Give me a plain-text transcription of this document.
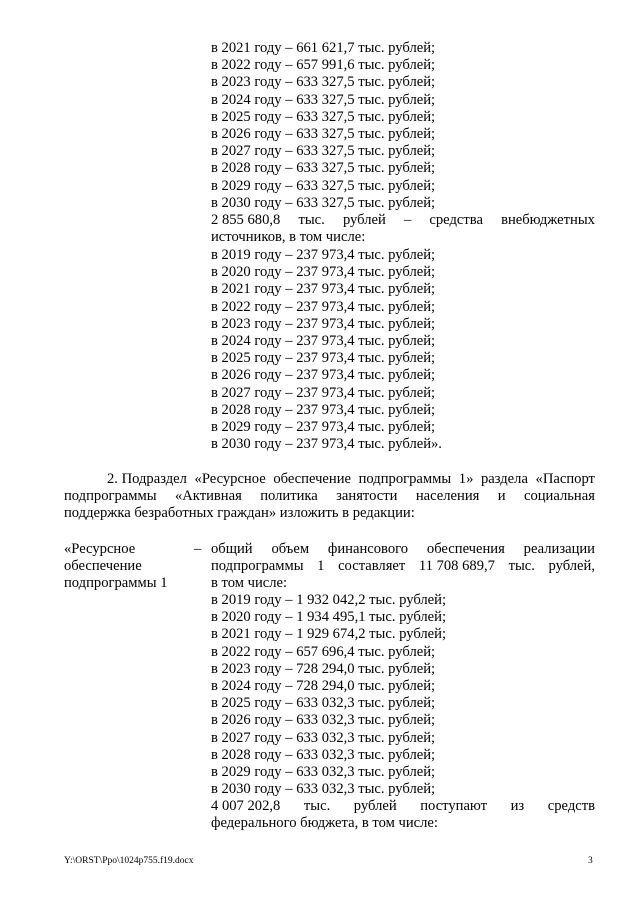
в 2021 году – 661 621,7 тыс. рублей;
в 2022 году – 657 991,6 тыс. рублей;
в 2023 году – 633 327,5 тыс. рублей;
в 2024 году – 633 327,5 тыс. рублей;
в 2025 году – 633 327,5 тыс. рублей;
в 2026 году – 633 327,5 тыс. рублей;
в 2027 году – 633 327,5 тыс. рублей;
в 2028 году – 633 327,5 тыс. рублей;
в 2029 году – 633 327,5 тыс. рублей;
в 2030 году – 633 327,5 тыс. рублей;
2 855 680,8 тыс. рублей – средства внебюджетных
источников, в том числе:
в 2019 году – 237 973,4 тыс. рублей;
в 2020 году – 237 973,4 тыс. рублей;
в 2021 году – 237 973,4 тыс. рублей;
в 2022 году – 237 973,4 тыс. рублей;
в 2023 году – 237 973,4 тыс. рублей;
в 2024 году – 237 973,4 тыс. рублей;
в 2025 году – 237 973,4 тыс. рублей;
в 2026 году – 237 973,4 тыс. рублей;
в 2027 году – 237 973,4 тыс. рублей;
в 2028 году – 237 973,4 тыс. рублей;
в 2029 году – 237 973,4 тыс. рублей;
в 2030 году – 237 973,4 тыс. рублей».
2. Подраздел «Ресурсное обеспечение подпрограммы 1» раздела «Паспорт
подпрограммы «Активная политика занятости населения и социальная
поддержка безработных граждан» изложить в редакции:
«Ресурсное
обеспечение
подпрограммы 1
– общий объем финансового обеспечения реализации
подпрограммы 1 составляет 11 708 689,7 тыс. рублей,
в том числе:
в 2019 году – 1 932 042,2 тыс. рублей;
в 2020 году – 1 934 495,1 тыс. рублей;
в 2021 году – 1 929 674,2 тыс. рублей;
в 2022 году – 657 696,4 тыс. рублей;
в 2023 году – 728 294,0 тыс. рублей;
в 2024 году – 728 294,0 тыс. рублей;
в 2025 году – 633 032,3 тыс. рублей;
в 2026 году – 633 032,3 тыс. рублей;
в 2027 году – 633 032,3 тыс. рублей;
в 2028 году – 633 032,3 тыс. рублей;
в 2029 году – 633 032,3 тыс. рублей;
в 2030 году – 633 032,3 тыс. рублей;
4 007 202,8 тыс. рублей поступают из средств
федерального бюджета, в том числе:
Y:\ORST\Ppo\1024p755.f19.docx	3
